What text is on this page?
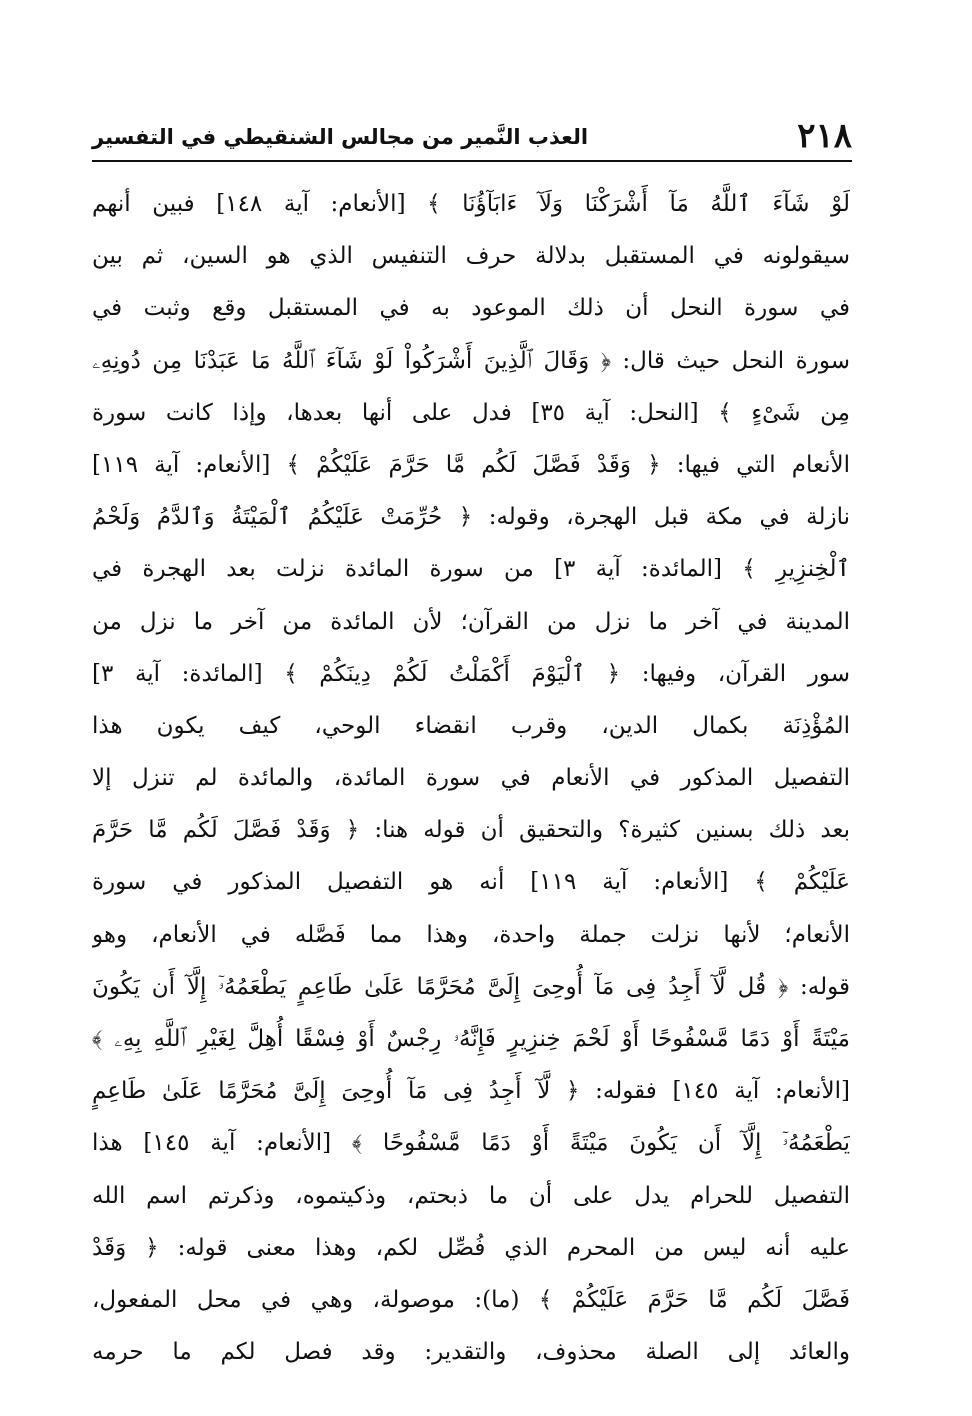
٢١٨
العذب النَّمير من مجالس الشنقيطي في التفسير
لَوْ شَآءَ ٱللَّهُ مَآ أَشْرَكْنَا وَلَآ ءَابَآؤُنَا ﴾ [الأنعام: آية ١٤٨] فبين أنهم
سيقولونه في المستقبل بدلالة حرف التنفيس الذي هو السين، ثم بين
في سورة النحل أن ذلك الموعود به في المستقبل وقع وثبت في
سورة النحل حيث قال: ﴿ وَقَالَ ٱلَّذِينَ أَشْرَكُواْ لَوْ شَآءَ ٱللَّهُ مَا عَبَدْنَا مِن دُونِهِۦ
مِن شَىْءٍ ﴾ [النحل: آية ٣٥] فدل على أنها بعدها، وإذا كانت سورة
الأنعام التي فيها: ﴿ وَقَدْ فَصَّلَ لَكُم مَّا حَرَّمَ عَلَيْكُمْ ﴾ [الأنعام: آية ١١٩]
نازلة في مكة قبل الهجرة، وقوله: ﴿ حُرِّمَتْ عَلَيْكُمُ ٱلْمَيْتَةُ وَٱلدَّمُ وَلَحْمُ
ٱلْخِنزِيرِ ﴾ [المائدة: آية ٣] من سورة المائدة نزلت بعد الهجرة في
المدينة في آخر ما نزل من القرآن؛ لأن المائدة من آخر ما نزل من
سور القرآن، وفيها: ﴿ ٱلْيَوْمَ أَكْمَلْتُ لَكُمْ دِينَكُمْ ﴾ [المائدة: آية ٣]
المُؤْذِنَة بكمال الدين، وقرب انقضاء الوحي، كيف يكون هذا
التفصيل المذكور في الأنعام في سورة المائدة، والمائدة لم تنزل إلا
بعد ذلك بسنين كثيرة؟ والتحقيق أن قوله هنا: ﴿ وَقَدْ فَصَّلَ لَكُم مَّا حَرَّمَ
عَلَيْكُمْ ﴾ [الأنعام: آية ١١٩] أنه هو التفصيل المذكور في سورة
الأنعام؛ لأنها نزلت جملة واحدة، وهذا مما فَصَّله في الأنعام، وهو
قوله: ﴿ قُل لَّآ أَجِدُ فِى مَآ أُوحِىَ إِلَىَّ مُحَرَّمًا عَلَىٰ طَاعِمٍ يَطْعَمُهُۥٓ إِلَّآ أَن يَكُونَ
مَيْتَةً أَوْ دَمًا مَّسْفُوحًا أَوْ لَحْمَ خِنزِيرٍ فَإِنَّهُۥ رِجْسٌ أَوْ فِسْقًا أُهِلَّ لِغَيْرِ ٱللَّهِ بِهِۦ ﴾
[الأنعام: آية ١٤٥] فقوله: ﴿ لَّآ أَجِدُ فِى مَآ أُوحِىَ إِلَىَّ مُحَرَّمًا عَلَىٰ طَاعِمٍ
يَطْعَمُهُۥٓ إِلَّآ أَن يَكُونَ مَيْتَةً أَوْ دَمًا مَّسْفُوحًا ﴾ [الأنعام: آية ١٤٥] هذا
التفصيل للحرام يدل على أن ما ذبحتم، وذكيتموه، وذكرتم اسم الله
عليه أنه ليس من المحرم الذي فُصِّل لكم، وهذا معنى قوله: ﴿ وَقَدْ
فَصَّلَ لَكُم مَّا حَرَّمَ عَلَيْكُمْ ﴾ (ما): موصولة، وهي في محل المفعول،
والعائد إلى الصلة محذوف، والتقدير: وقد فصل لكم ما حرمه
